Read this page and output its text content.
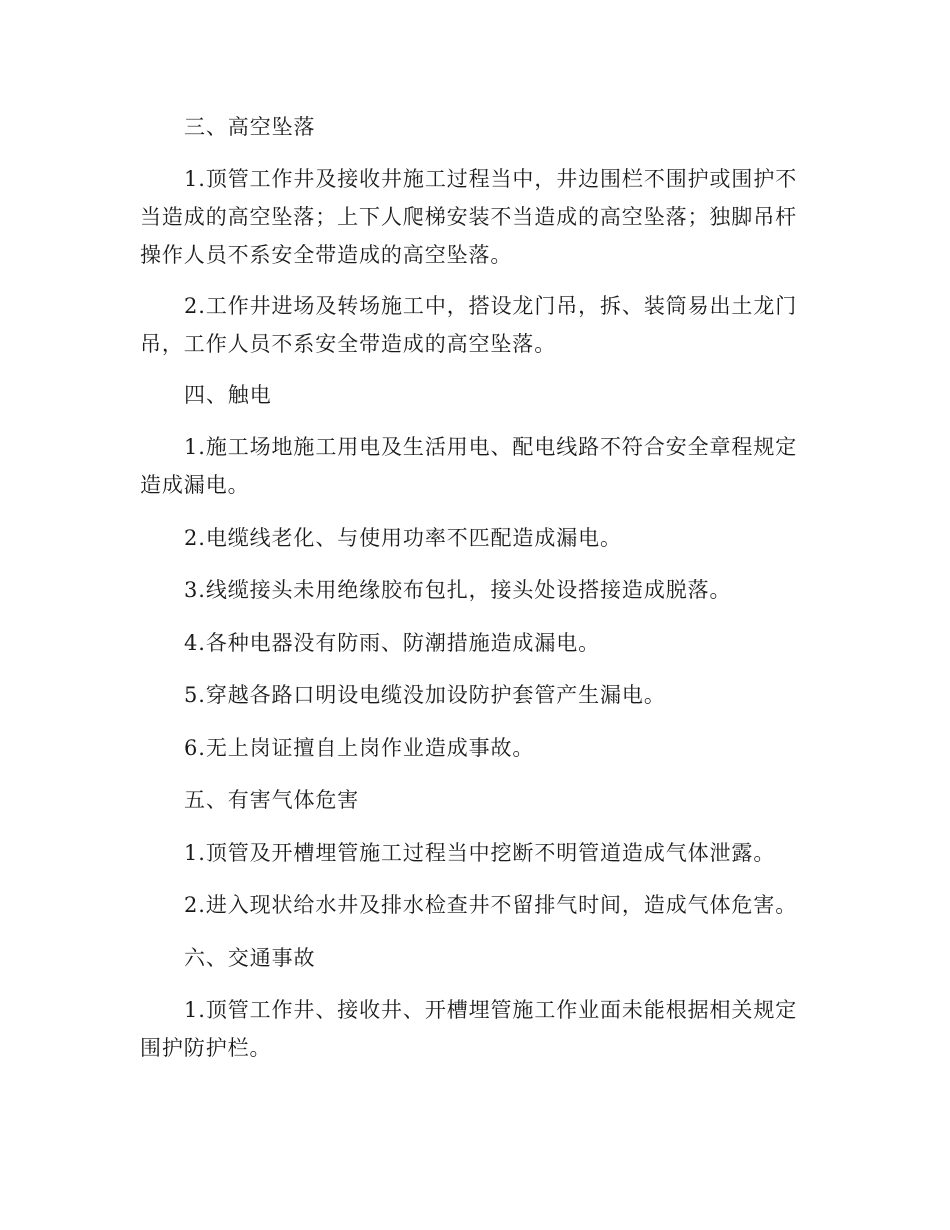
三、高空坠落

1.顶管工作井及接收井施工过程当中，井边围栏不围护或围护不当造成的高空坠落；上下人爬梯安装不当造成的高空坠落；独脚吊杆操作人员不系安全带造成的高空坠落。

2.工作井进场及转场施工中，搭设龙门吊，拆、装筒易出土龙门吊，工作人员不系安全带造成的高空坠落。

四、触电

1.施工场地施工用电及生活用电、配电线路不符合安全章程规定造成漏电。

2.电缆线老化、与使用功率不匹配造成漏电。

3.线缆接头未用绝缘胶布包扎，接头处设搭接造成脱落。

4.各种电器没有防雨、防潮措施造成漏电。

5.穿越各路口明设电缆没加设防护套管产生漏电。

6.无上岗证擅自上岗作业造成事故。

五、有害气体危害

1.顶管及开槽埋管施工过程当中挖断不明管道造成气体泄露。

2.进入现状给水井及排水检查井不留排气时间，造成气体危害。

六、交通事故

1.顶管工作井、接收井、开槽埋管施工作业面未能根据相关规定围护防护栏。
